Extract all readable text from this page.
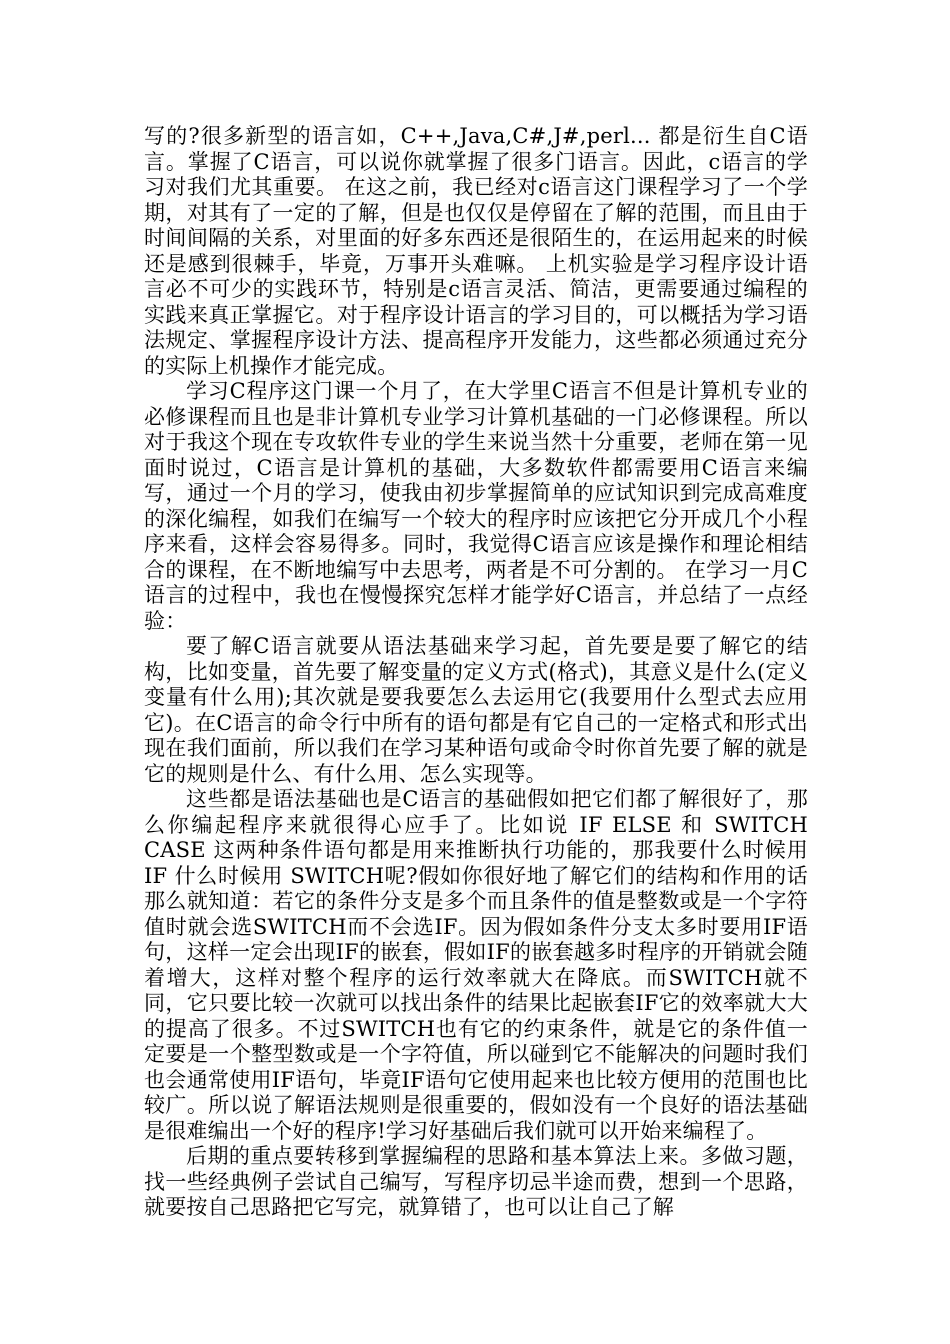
写的?很多新型的语言如，C++,Java,C#,J#,perl... 都是衍生自C语言。掌握了C语言，可以说你就掌握了很多门语言。因此，c语言的学习对我们尤其重要。 在这之前，我已经对c语言这门课程学习了一个学期，对其有了一定的了解，但是也仅仅是停留在了解的范围，而且由于时间间隔的关系，对里面的好多东西还是很陌生的，在运用起来的时候还是感到很棘手，毕竟，万事开头难嘛。 上机实验是学习程序设计语言必不可少的实践环节，特别是c语言灵活、简洁，更需要通过编程的实践来真正掌握它。对于程序设计语言的学习目的，可以概括为学习语法规定、掌握程序设计方法、提高程序开发能力，这些都必须通过充分的实际上机操作才能完成。

学习C程序这门课一个月了，在大学里C语言不但是计算机专业的必修课程而且也是非计算机专业学习计算机基础的一门必修课程。所以对于我这个现在专攻软件专业的学生来说当然十分重要，老师在第一见面时说过，C语言是计算机的基础，大多数软件都需要用C语言来编写，通过一个月的学习，使我由初步掌握简单的应试知识到完成高难度的深化编程，如我们在编写一个较大的程序时应该把它分开成几个小程序来看，这样会容易得多。同时，我觉得C语言应该是操作和理论相结合的课程，在不断地编写中去思考，两者是不可分割的。 在学习一月C语言的过程中，我也在慢慢探究怎样才能学好C语言，并总结了一点经验：

要了解C语言就要从语法基础来学习起，首先要是要了解它的结构，比如变量，首先要了解变量的定义方式(格式)，其意义是什么(定义变量有什么用);其次就是要我要怎么去运用它(我要用什么型式去应用它)。在C语言的命令行中所有的语句都是有它自己的一定格式和形式出现在我们面前，所以我们在学习某种语句或命令时你首先要了解的就是它的规则是什么、有什么用、怎么实现等。

这些都是语法基础也是C语言的基础假如把它们都了解很好了，那么你编起程序来就很得心应手了。比如说 IF ELSE 和 SWITCH CASE 这两种条件语句都是用来推断执行功能的，那我要什么时候用 IF 什么时候用 SWITCH呢?假如你很好地了解它们的结构和作用的话那么就知道：若它的条件分支是多个而且条件的值是整数或是一个字符值时就会选SWITCH而不会选IF。因为假如条件分支太多时要用IF语句，这样一定会出现IF的嵌套，假如IF的嵌套越多时程序的开销就会随着增大，这样对整个程序的运行效率就大在降底。而SWITCH就不同，它只要比较一次就可以找出条件的结果比起嵌套IF它的效率就大大的提高了很多。不过SWITCH也有它的约束条件，就是它的条件值一定要是一个整型数或是一个字符值，所以碰到它不能解决的问题时我们也会通常使用IF语句，毕竟IF语句它使用起来也比较方便用的范围也比较广。所以说了解语法规则是很重要的，假如没有一个良好的语法基础是很难编出一个好的程序!学习好基础后我们就可以开始来编程了。

后期的重点要转移到掌握编程的思路和基本算法上来。多做习题，找一些经典例子尝试自己编写，写程序切忌半途而费，想到一个思路，就要按自己思路把它写完，就算错了，也可以让自己了解
